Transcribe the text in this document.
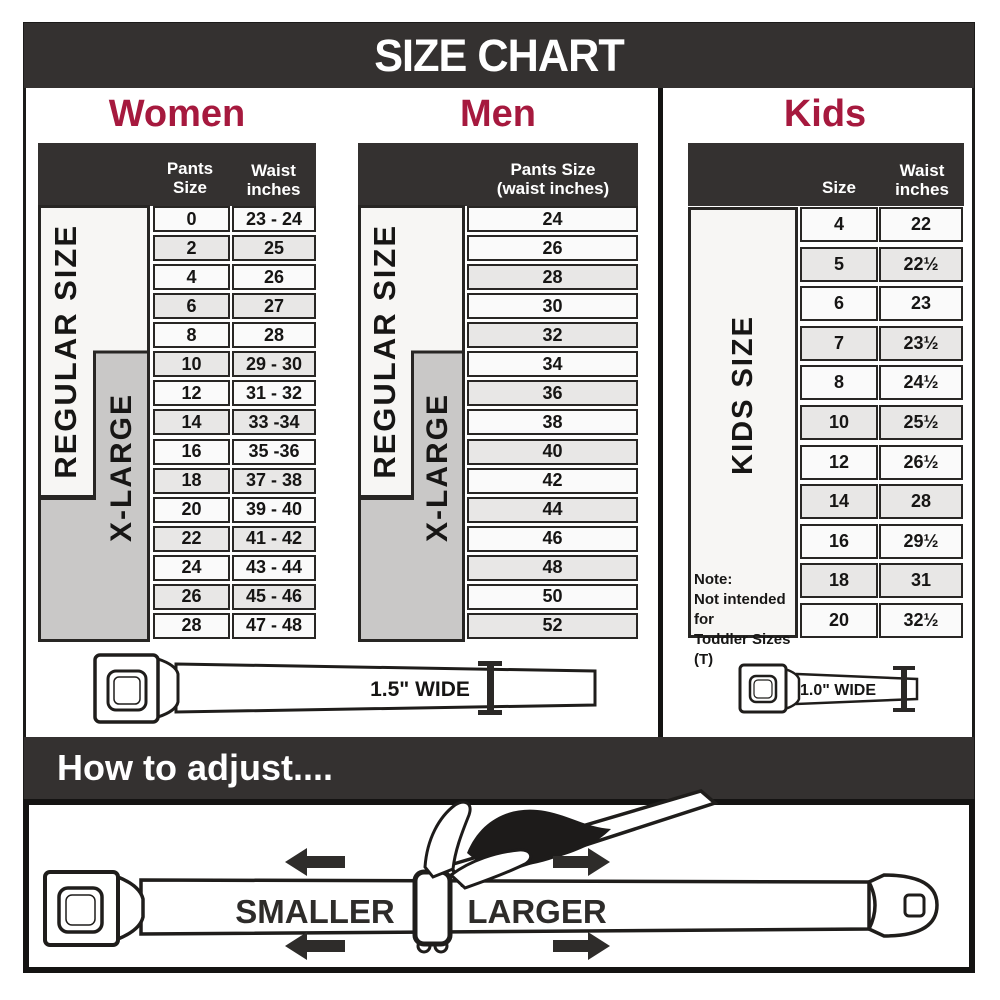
SIZE CHART
Women
Pants Size
Waist
inches
REGULAR SIZE X-LARGE
0	23 - 24
2	25
4	26
6	27
8	28
10	29 - 30
12	31 - 32
14	33 -34
16	35 -36
18	37 - 38
20	39 - 40
22	41 - 42
24	43 - 44
26	45 - 46
28	47 - 48
Men
Pants Size
(waist inches)
REGULAR SIZE X-LARGE
24
26
28
30
32
34
36
38
40
42
44
46
48
50
52
Kids
Size
Waist
inches
KIDS SIZE
Note:
Not intended for
Toddler Sizes (T)
4	22
5	22½
6	23
7	23½
8	24½
10	25½
12	26½
14	28
16	29½
18	31
20	32½
1.5" WIDE	1.0" WIDE
How to adjust....
SMALLER LARGER
